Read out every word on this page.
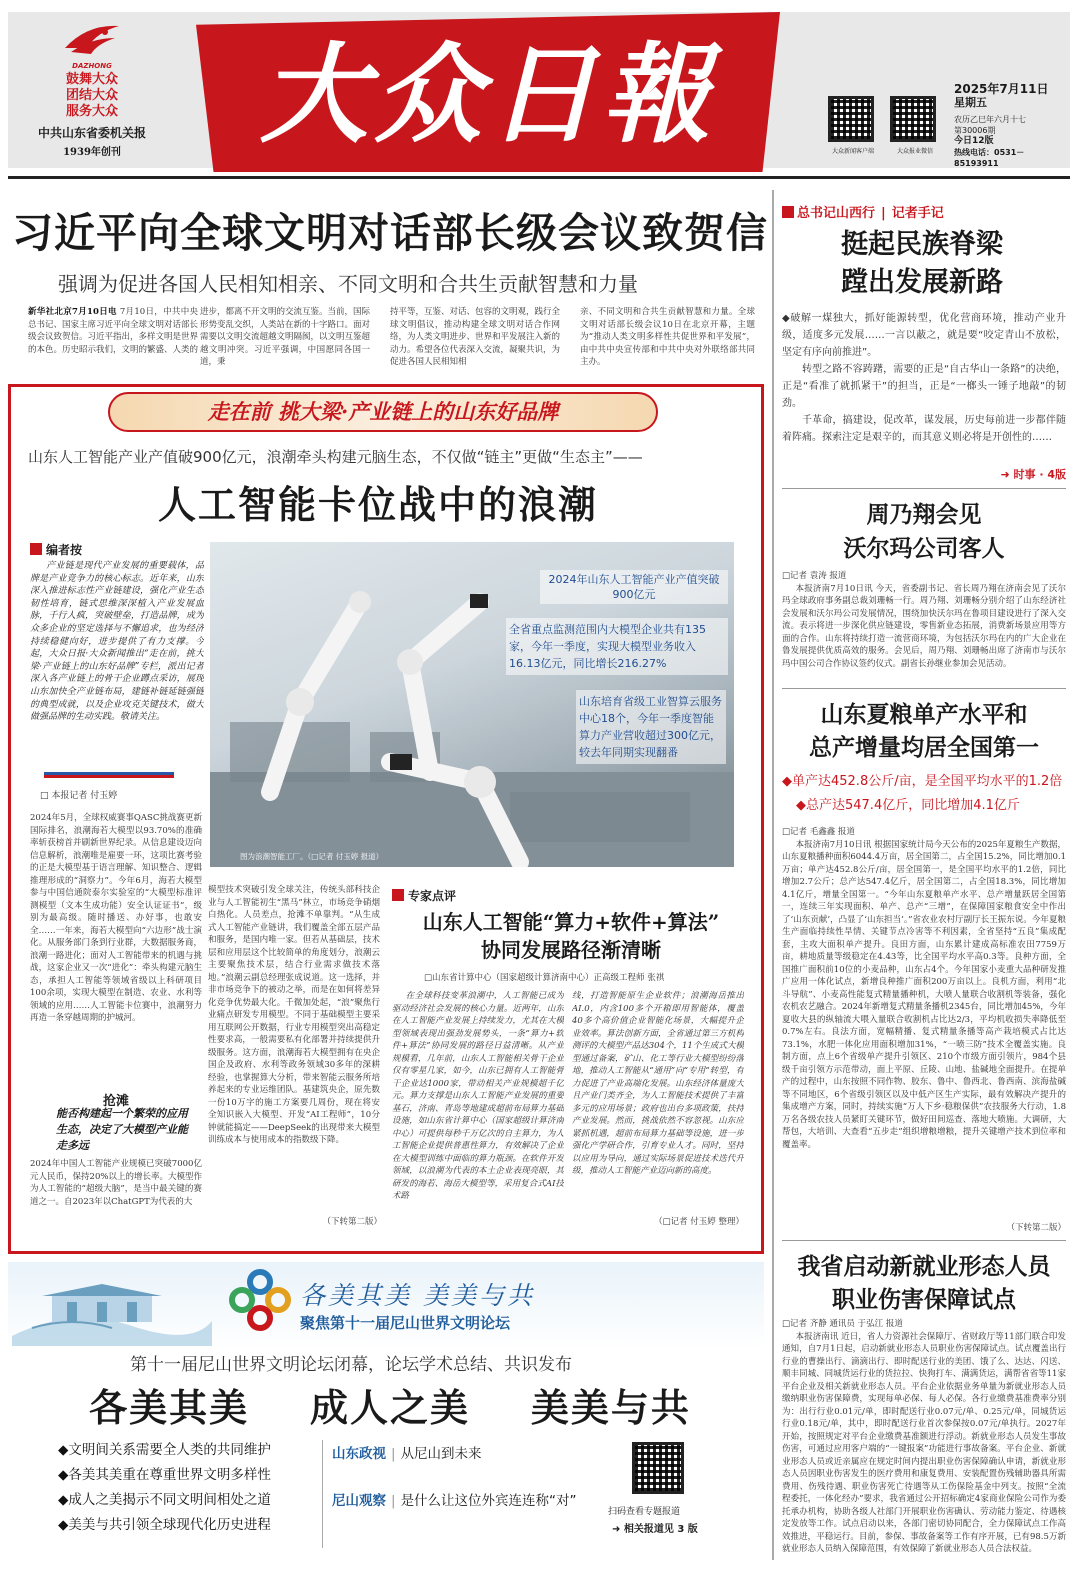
DAZHONG
鼓舞大众
团结大众
服务大众
中共山东省委机关报
1939年创刊	大众日報	大众新闻客户端	大众报业微信
2025年7月11日
星期五
农历乙巳年六月十七
第30006期
今日12版
热线电话：0531－85193911
习近平向全球文明对话部长级会议致贺信
强调为促进各国人民相知相亲、不同文明和合共生贡献智慧和力量
新华社北京7月10日电 7月10日，中共中央总书记、国家主席习近平向全球文明对话部长级会议致贺信。习近平指出，多样文明是世界的本色。历史昭示我们，文明的繁盛、人类的
进步，都离不开文明的交流互鉴。当前，国际形势变乱交织，人类站在新的十字路口。面对需要以文明交流超越文明隔阂，以文明互鉴超越文明冲突。习近平强调，中国愿同各国一道，秉
持平等，互鉴、对话、包容的文明观，践行全球文明倡议，推动构建全球文明对话合作网络，为人类文明进步、世界和平发展注入新的动力。希望各位代表深入交流，凝聚共识，为促进各国人民相知相
亲、不同文明和合共生贡献智慧和力量。全球文明对话部长级会议10日在北京开幕，主题为“推动人类文明多样性共促世界和平发展”，由中共中央宣传部和中共中央对外联络部共同主办。
总书记山西行 | 记者手记
挺起民族脊梁
蹚出发展新路

◆破解一煤独大，抓好能源转型，优化营商环境，推动产业升级，适度多元发展……一言以蔽之，就是要“咬定青山不放松，坚定有序向前推进”。

转型之路不容踌躇，需要的正是“自古华山一条路”的决绝，正是“看准了就抓紧干”的担当，正是“一榔头一锤子地敲”的韧劲。

千革命，搞建设，促改革，谋发展，历史每前进一步都伴随着阵痛。探索注定是艰辛的，而其意义则必将是开创性的……

➜ 时事 · 4版
周乃翔会见
沃尔玛公司客人

□记者 袁涛 报道

本报济南7月10日讯 今天，省委副书记、省长周乃翔在济南会见了沃尔玛全球政府事务副总裁刘珊畅一行。周乃翔、刘珊畅分别介绍了山东经济社会发展和沃尔玛公司发展情况，围绕加快沃尔玛在鲁项目建设进行了深入交流。表示将进一步深化供应链建设，零售新业态拓展，消费新场景应用等方面的合作。山东将持续打造一流营商环境，为包括沃尔玛在内的广大企业在鲁发展提供优质高效的服务。会见后，周乃翔、刘珊畅出席了济南市与沃尔玛中国公司合作协议签约仪式。副省长孙继业参加会见活动。

山东夏粮单产水平和
总产增量均居全国第一
◆单产达452.8公斤/亩，是全国平均水平的1.2倍
◆总产达547.4亿斤，同比增加4.1亿斤

□记者 毛鑫鑫 报道

本报济南7月10日讯 根据国家统计局今天公布的2025年夏粮生产数据，山东夏粮播种面积6044.4万亩，居全国第二，占全国15.2%，同比增加0.1万亩；单产达452.8公斤/亩，居全国第一，是全国平均水平的1.2倍，同比增加2.7公斤；总产达547.4亿斤，居全国第二，占全国18.3%，同比增加4.1亿斤，增量全国第一。“今年山东夏粮单产水平、总产增量跃居全国第一，连续三年实现面积、单产、总产“三增”，在保障国家粮食安全中作出了‘山东贡献’，凸显了‘山东担当’。”省农业农村厅副厅长王振东说。今年夏粮生产面临持续性旱情、关键节点冷害等不利因素，全省坚持“五良”集成配套，主攻大面积单产提升。良田方面，山东累计建成高标准农田7759万亩，耕地质量等级稳定在4.43等，比全国平均水平高0.3等。良种方面，全国推广面积前10位的小麦品种，山东占4个。今年国家小麦重大品种研发推广应用一体化试点，新增良种推广面积200万亩以上。良机方面，利用“北斗导航”、小麦高性能复式精量播种机，大喷人量联合收割机等装备，强化农机农艺融合。2024年新增复式精量条播机2345台，同比增加45%，今年夏收大县的纵轴流大喂入量联合收割机占比达2/3，平均机收损失率降低至0.7%左右。良法方面，宽幅精播、复式精量条播等高产栽培模式占比达73.1%，水肥一体化应用面积增加31%，“一喷三防”技术全覆盖实施。良制方面，点上6个省级单产提升引领区、210个市级方面引领片，984个县级千亩引领方示范带动，面上平原、丘陵、山地、盐碱地全面提升。在提单产的过程中，山东按照不同作物、胶东、鲁中、鲁西北、鲁西南、滨海盐碱等不同地区，6个省级引领区以及中低产区生产实际，最有效解决产提升的集成增产方案，同时，持续实施“万人下乡·稳粮保供”农技服务大行动，1.8万名各级农技人员紧盯关键环节，做好田间巡查、落地大喷施。大调研，大帮包，大培训、大查看“五步走”组织增粮增粮，提升关键增产技术到位率和覆盖率。

（下转第二版）
我省启动新就业形态人员
职业伤害保障试点

□记者 齐静 通讯员 于弘江 报道

本报济南讯 近日，省人力资源社会保障厅、省财政厅等11部门联合印发通知，自7月1日起，启动新就业形态人员职业伤害保障试点。试点覆盖出行行业的曹操出行、滴滴出行、即时配送行业的美团、饿了么、达达、闪送、顺丰同城、同城货运行业的货拉拉、快狗打车、满满货运，满帮省省等11家平台企业及相关新就业形态人员。平台企业依据业务单量为新就业形态人员缴纳职业伤害保障费，实现每单必保、每人必保。各行业缴费基准费率分别为：出行行业0.01元/单，即时配送行业0.07元/单、0.25元/单，同城货运行业0.18元/单，其中，即时配送行业首次参保按0.07元/单执行。2027年开始，按照规定对平台企业缴费基准额进行浮动。新就业形态人员发生事故伤害，可通过应用客户端的“一键报案”功能进行事故备案。平台企业、新就业形态人员或近亲属应在规定时间内提出职业伤害保障确认申请，新就业形态人员因职业伤害发生的医疗费用和康复费用、安装配置伤残辅助器具所需费用、伤残待遇、职业伤害死亡待遇等从工伤保险基金中列支。按照“全流程委托，一体化经办”要求，我省通过公开招标确定4家商业保险公司作为委托承办机构，协助各级人社部门开展职业伤害确认、劳动能力鉴定、待遇核定发放等工作。试点启动以来，各部门密切协同配合，全力保障试点工作高效推进，平稳运行。目前，参保、事故备案等工作有序开展，已有98.5万新就业形态人员纳入保障范围，有效保障了新就业形态人员合法权益。

走在前 挑大梁·产业链上的山东好品牌
山东人工智能产业产值破900亿元，浪潮牵头构建元脑生态，不仅做“链主”更做“生态主”——
人工智能卡位战中的浪潮
编者按

产业链是现代产业发展的重要载体，品牌是产业竞争力的核心标志。近年来，山东深入推进标志性产业链建设，强化产业生态韧性培育，链式思维深深植入产业发展血脉，千行人疯，突破壁垒，打造品牌，成为众多企业的坚定选择与不懈追求，也为经济持续稳健向好，进步提供了有力支撑。今起，大众日报·大众新闻推出“走在前，挑大梁·产业链上的山东好品牌”专栏，派出记者深入各产业链上的骨干企业蹲点采访，展现山东加快全产业链布局，建链补链延链强链的典型成就，以及企业攻克关键技术，做大做强品牌的生动实践。敬请关注。

□ 本报记者 付玉婷
图为浪潮智能工厂。（□记者 付玉婷 报道）
2024年山东人工智能产业产值突破900亿元
全省重点监测范围内大模型企业共有135家，今年一季度，实现大模型业务收入16.13亿元，同比增长216.27%
山东培育省级工业智算云服务中心18个，今年一季度智能算力产业营收超过300亿元，较去年同期实现翻番
2024年5月，全球权威赛事QASC挑战赛更新国际排名，浪潮海若大模型以93.70%的准确率斩获榜首并刷新世界纪录。从信息建设迈向信息解析，浪潮唯是雇要一环，这项比赛考验的正是大模型基于语言理解、知识整合、逻辑推理形成的“洞察力”。今年6月，海若大模型参与中国信通院泰尔实验室的“大模型标准评测模型（文本生成功能）安全认证证书”，级别为最高级。随时播送、办好事，也敢安全……一年来，海若大模型向“六边形”战士演化。从服务部门条到行业群，大数据服务商，浪潮一路进化；面对人工智能带来的机遇与挑战，这家企业又一次“进化”：牵头构建元脑生态，承担人工智能等领域省级以上科研项目100余项，实现大模型在制造、农业、水利等领域的应用……人工智能卡位赛中，浪潮努力再造一条穿越周期的护城河。
抢滩
能否构建起一个繁荣的应用生态，决定了大模型产业能走多远
2024年中国人工智能产业规模已突破7000亿元人民币，保持20%以上的增长率。大模型作为人工智能的“超级大脑”，是当中最关键的赛道之一。自2023年以ChatGPT为代表的大
模型技术突破引发全球关注，传统头部科技企业与人工智能初生“黑马”林立，市场竞争硝烟白热化。人员差点，抢滩不单靠判。“从生成式人工智能产业链讲，我们覆盖全部五层产品和服务，是国内唯一家。但若从基础层，技术层和应用层这个比较简单的角度划分，浪潮云主要聚焦技术层，结合行业需求做技术落地。”浪潮云副总经理张成说道。这一选择，并非市场竞争下的被动之举，而是在如何将差异化竞争优势最大化。千微加处起，“浪”聚焦行业痛点研发专用模型。不同于基础模型主要采用互联网公开数据，行业专用模型突出高稳定性要求高，一般需要私有化部署并持续提供升级服务。这方面，浪潮海若大模型拥有在央企国企及政府、水利等政务领域30多年的深耕经验，也掌握算大分析，带来智能云服务所培养起来的专业运维团队。基建筑央企，原先数一份10万字的施工方案要几周份，现在将安全知识嵌入大模型、开发“AI工程师”，10分钟就能搞定——DeepSeek的出现带来大模型训练成本与使用成本的指数级下降。
（下转第二版）
专家点评
山东人工智能“算力+软件+算法”
协同发展路径渐清晰
□山东省计算中心（国家超级计算济南中心）正高级工程师 张祺

在全球科技变革浪潮中，人工智能已成为驱动经济社会发展的核心力量。近两年，山东在人工智能产业发展上持续发力，尤其在大模型领域表现出强劲发展势头，一条“算力+软件+算法”协同发展的路径日益清晰。从产业规模看，几年前，山东人工智能相关骨干企业仅有零星几家，如今，山东已拥有人工智能骨干企业达1000家，带动相关产业规模超千亿元。算力支撑是山东人工智能产业发展的重要基石，济南、青岛等地建成超前布局算力基础设施，如山东省计算中心（国家超级计算济南中心）可提供每秒千万亿次的自主算力，为人工智能企业提供普惠性算力，有效解决了企业在大模型训练中面临的算力瓶颈。在软件开发领域，以浪潮为代表的本土企业表现亮眼，其研发的海若、海岳大模型等，采用复合式AI技术路

线，打造智能原生企业软件；浪潮海岳推出AI.0，内含100多个开箱即用智能体，覆盖40多个高价值企业智能化场景，大幅提升企业效率。算法创新方面，全省通过第三方机构测评的大模型产品达304个，11个生成式大模型通过备案，矿山、化工等行业大模型纷纷落地，推动人工智能从“通用”向“专用”转型，有力促进了产业高端化发展。山东经济体量庞大且产业门类齐全，为人工智能技术提供了丰富多元的应用场景；政府也出台多项政策，扶持产业发展。然而，挑战依然不容忽视。山东应紧抓机遇，超前布局算力基础等设施，进一步强化产学研合作，引育专业人才。同时，坚持以应用为导向，通过实际场景促进技术迭代升级，推动人工智能产业迈向新的高度。
（□记者 付玉婷 整理）
各美其美 美美与共
聚焦第十一届尼山世界文明论坛
第十一届尼山世界文明论坛闭幕，论坛学术总结、共识发布
各美其美    成人之美    美美与共
◆文明间关系需要全人类的共同维护
◆各美其美重在尊重世界文明多样性
◆成人之美揭示不同文明间相处之道
◆美美与共引领全球现代化历史进程
山东政视 | 从尼山到未来
尼山观察 | 是什么让这位外宾连连称“对”
扫码查看专题报道
➜ 相关报道见 3 版
